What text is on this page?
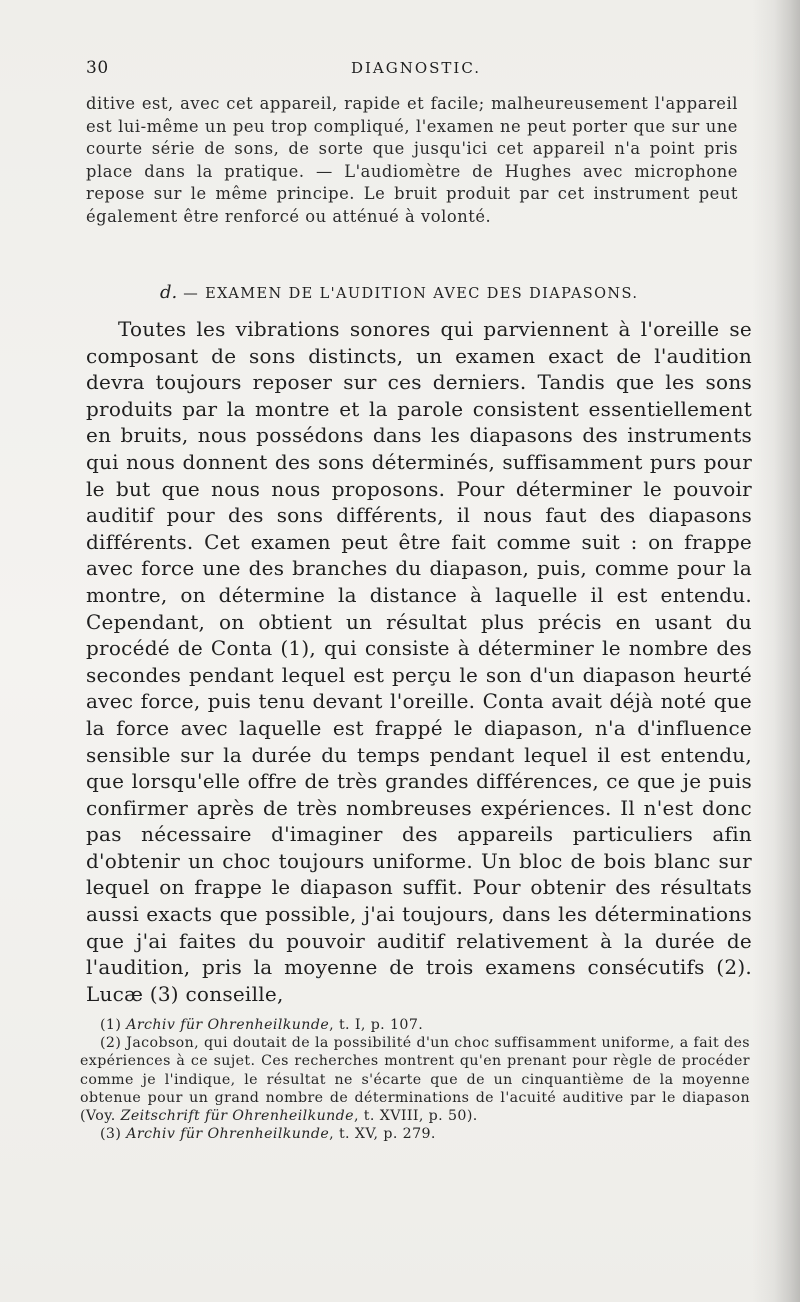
30	DIAGNOSTIC.

ditive est, avec cet appareil, rapide et facile; malheureusement l'appareil est lui-même un peu trop compliqué, l'examen ne peut porter que sur une courte série de sons, de sorte que jusqu'ici cet appareil n'a point pris place dans la pratique. — L'audiomètre de Hughes avec microphone repose sur le même principe. Le bruit produit par cet instrument peut également être renforcé ou atténué à volonté.

d. — EXAMEN DE L'AUDITION AVEC DES DIAPASONS.

Toutes les vibrations sonores qui parviennent à l'oreille se composant de sons distincts, un examen exact de l'audition devra toujours reposer sur ces derniers. Tandis que les sons produits par la montre et la parole consistent essentiellement en bruits, nous possédons dans les diapasons des instruments qui nous donnent des sons déterminés, suffisamment purs pour le but que nous nous proposons. Pour déterminer le pouvoir auditif pour des sons différents, il nous faut des diapasons différents. Cet examen peut être fait comme suit : on frappe avec force une des branches du diapason, puis, comme pour la montre, on détermine la distance à laquelle il est entendu. Cependant, on obtient un résultat plus précis en usant du procédé de Conta (1), qui consiste à déterminer le nombre des secondes pendant lequel est perçu le son d'un diapason heurté avec force, puis tenu devant l'oreille. Conta avait déjà noté que la force avec laquelle est frappé le diapason, n'a d'influence sensible sur la durée du temps pendant lequel il est entendu, que lorsqu'elle offre de très grandes différences, ce que je puis confirmer après de très nombreuses expériences. Il n'est donc pas nécessaire d'imaginer des appareils particuliers afin d'obtenir un choc toujours uniforme. Un bloc de bois blanc sur lequel on frappe le diapason suffit. Pour obtenir des résultats aussi exacts que possible, j'ai toujours, dans les déterminations que j'ai faites du pouvoir auditif relativement à la durée de l'audition, pris la moyenne de trois examens consécutifs (2). Lucæ (3) conseille,

(1) Archiv für Ohrenheilkunde, t. I, p. 107.

(2) Jacobson, qui doutait de la possibilité d'un choc suffisamment uniforme, a fait des expériences à ce sujet. Ces recherches montrent qu'en prenant pour règle de procéder comme je l'indique, le résultat ne s'écarte que de un cinquantième de la moyenne obtenue pour un grand nombre de déterminations de l'acuité auditive par le diapason (Voy. Zeitschrift für Ohrenheilkunde, t. XVIII, p. 50).

(3) Archiv für Ohrenheilkunde, t. XV, p. 279.
